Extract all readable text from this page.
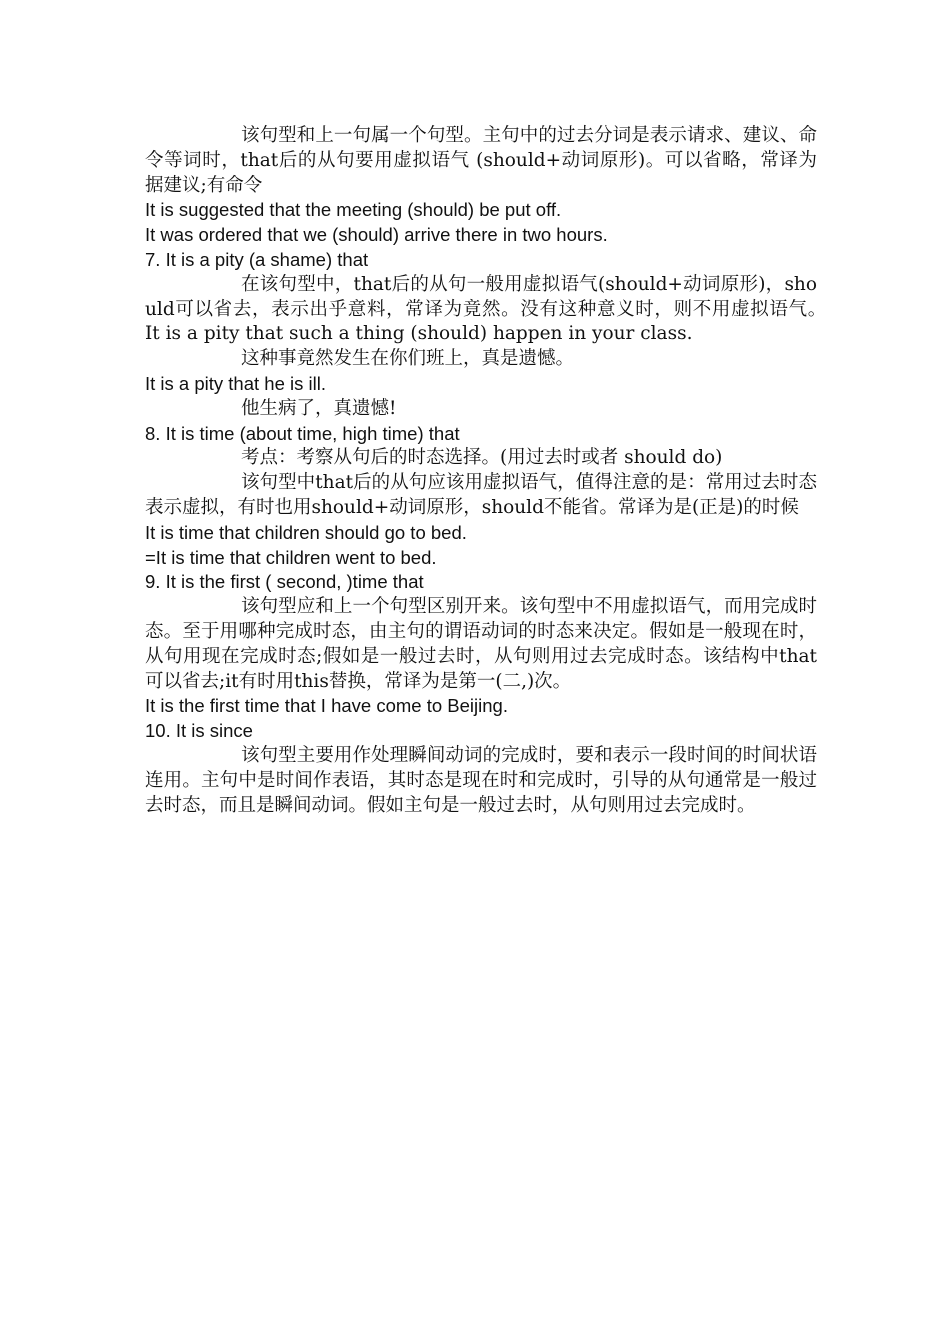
该句型和上一句属一个句型。主句中的过去分词是表示请求、建议、命令等词时，that后的从句要用虚拟语气 (should+动词原形)。可以省略，常译为据建议;有命令

It is suggested that the meeting (should) be put off.

It was ordered that we (should) arrive there in two hours.

7. It is a pity (a shame) that

在该句型中，that后的从句一般用虚拟语气(should+动词原形)，should可以省去，表示出乎意料，常译为竟然。没有这种意义时，则不用虚拟语气。　It is a pity that such a thing (should) happen in your class.

这种事竟然发生在你们班上，真是遗憾。

It is a pity that he is ill.

他生病了，真遗憾!

8. It is time (about time, high time) that

考点：考察从句后的时态选择。(用过去时或者 should do)

该句型中that后的从句应该用虚拟语气，值得注意的是：常用过去时态表示虚拟，有时也用should+动词原形，should不能省。常译为是(正是)的时候

It is time that children should go to bed.

=It is time that children went to bed.

9. It is the first ( second, )time that

该句型应和上一个句型区别开来。该句型中不用虚拟语气，而用完成时态。至于用哪种完成时态，由主句的谓语动词的时态来决定。假如是一般现在时，从句用现在完成时态;假如是一般过去时，从句则用过去完成时态。该结构中that可以省去;it有时用this替换，常译为是第一(二,)次。

It is the first time that I have come to Beijing.

10. It is since

该句型主要用作处理瞬间动词的完成时，要和表示一段时间的时间状语连用。主句中是时间作表语，其时态是现在时和完成时，引导的从句通常是一般过去时态，而且是瞬间动词。假如主句是一般过去时，从句则用过去完成时。
